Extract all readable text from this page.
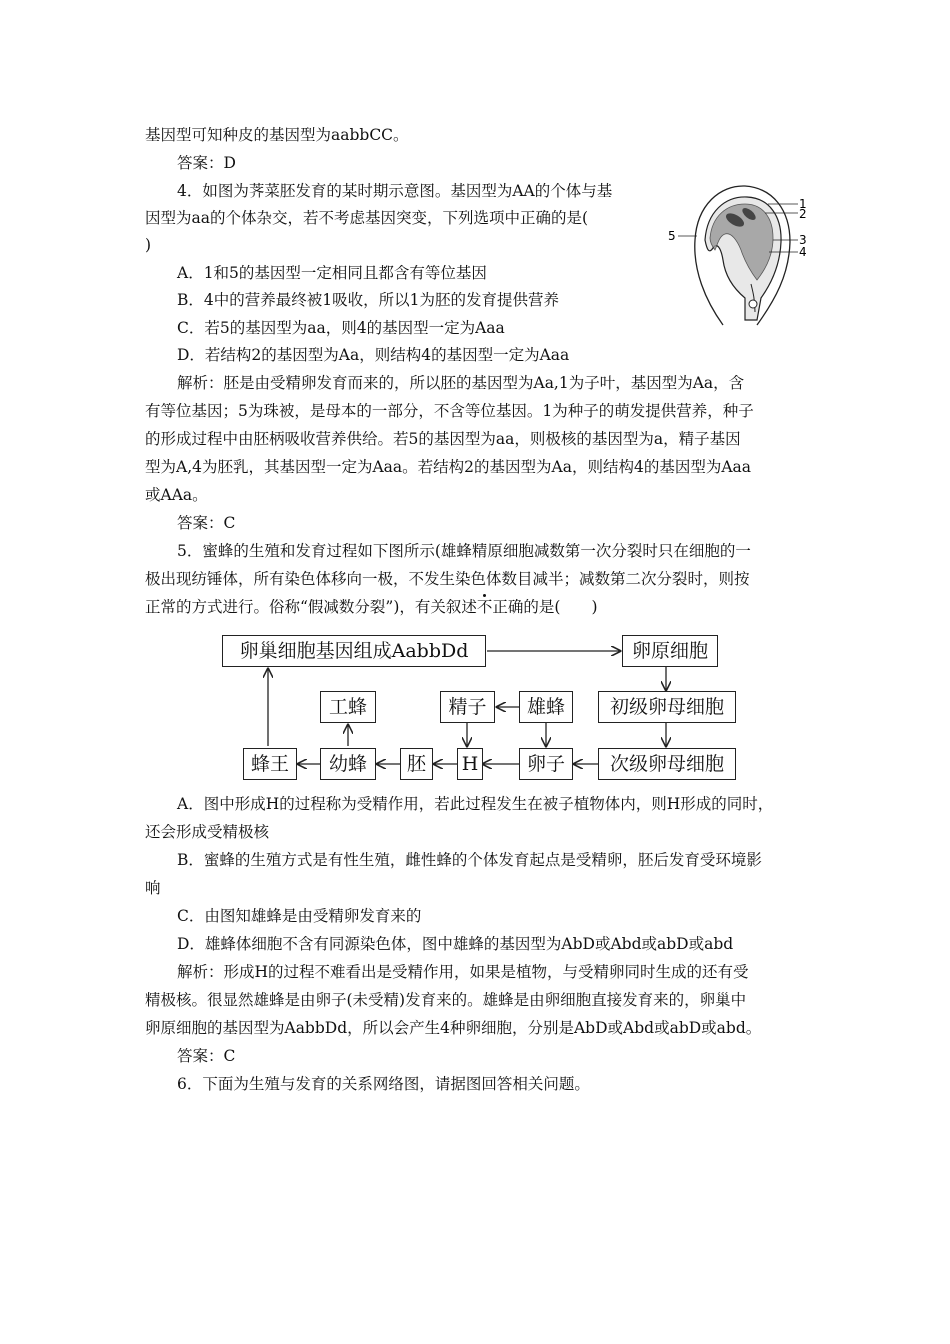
基因型可知种皮的基因型为aabbCC。
答案：D
4．如图为荠菜胚发育的某时期示意图。基因型为AA的个体与基
因型为aa的个体杂交，若不考虑基因突变，下列选项中正确的是(
)
A．1和5的基因型一定相同且都含有等位基因
B．4中的营养最终被1吸收，所以1为胚的发育提供营养
C．若5的基因型为aa，则4的基因型一定为Aaa
D．若结构2的基因型为Aa，则结构4的基因型一定为Aaa
1
2
3
4
5
解析：胚是由受精卵发育而来的，所以胚的基因型为Aa,1为子叶，基因型为Aa，含
有等位基因；5为珠被，是母本的一部分，不含等位基因。1为种子的萌发提供营养，种子
的形成过程中由胚柄吸收营养供给。若5的基因型为aa，则极核的基因型为a，精子基因
型为A,4为胚乳，其基因型一定为Aaa。若结构2的基因型为Aa，则结构4的基因型为Aaa
或AAa。
答案：C
5．蜜蜂的生殖和发育过程如下图所示(雄蜂精原细胞减数第一次分裂时只在细胞的一
极出现纺锤体，所有染色体移向一极，不发生染色体数目减半；减数第二次分裂时，则按
正常的方式进行。俗称“假减数分裂”)，有关叙述不正确的是(　　)
卵巢细胞基因组成AabbDd	卵原细胞
初级卵母细胞
次级卵母细胞
卵子
H
胚
幼蜂
蜂王
工蜂	精子	雄蜂
A．图中形成H的过程称为受精作用，若此过程发生在被子植物体内，则H形成的同时，
还会形成受精极核
B．蜜蜂的生殖方式是有性生殖，雌性蜂的个体发育起点是受精卵，胚后发育受环境影
响
C．由图知雄蜂是由受精卵发育来的
D．雄蜂体细胞不含有同源染色体，图中雄蜂的基因型为AbD或Abd或abD或abd
解析：形成H的过程不难看出是受精作用，如果是植物，与受精卵同时生成的还有受
精极核。很显然雄蜂是由卵子(未受精)发育来的。雄蜂是由卵细胞直接发育来的，卵巢中
卵原细胞的基因型为AabbDd，所以会产生4种卵细胞，分别是AbD或Abd或abD或abd。
答案：C
6．下面为生殖与发育的关系网络图，请据图回答相关问题。
